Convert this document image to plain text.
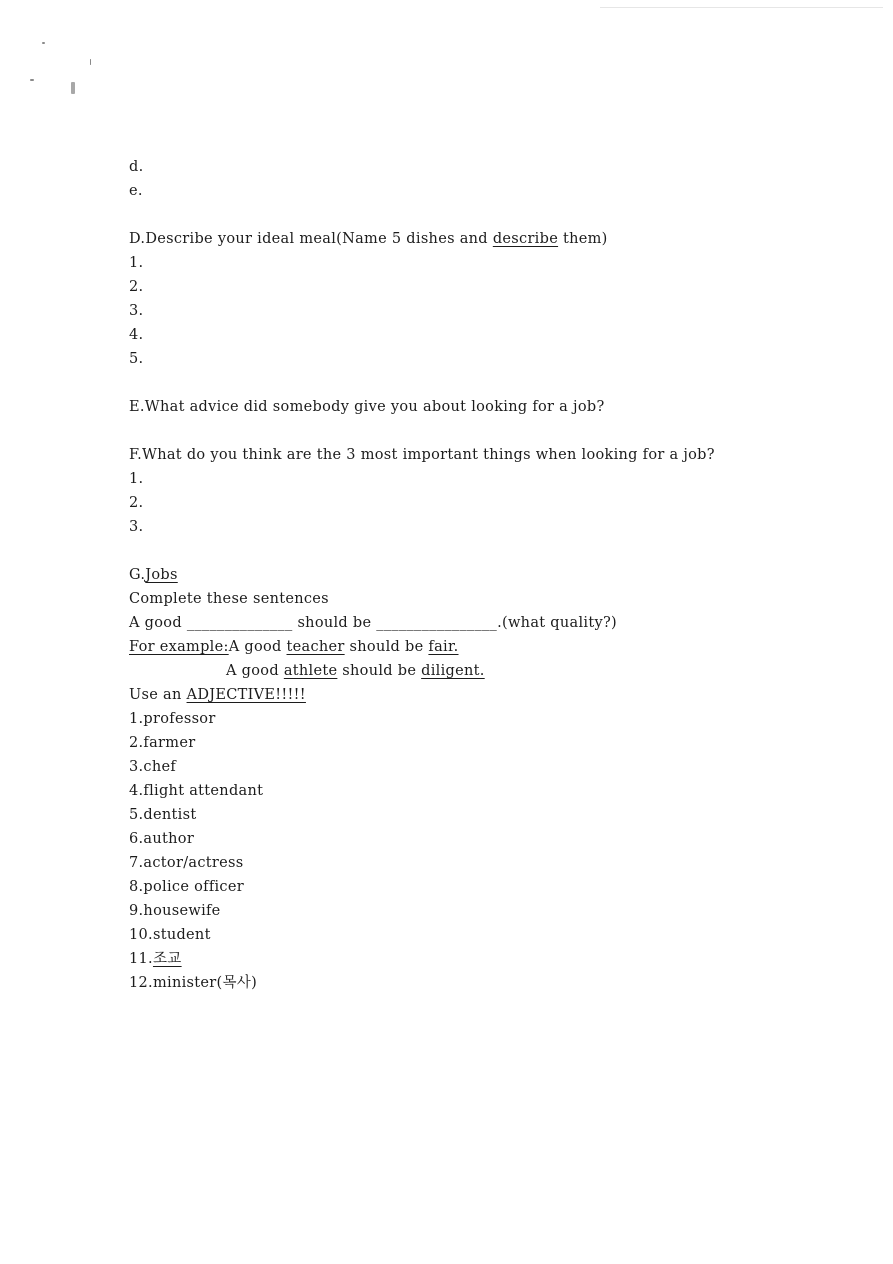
d.
e.
D.Describe your ideal meal(Name 5 dishes and describe them)
1.
2.
3.
4.
5.
E.What advice did somebody give you about looking for a job?
F.What do you think are the 3 most important things when looking for a job?
1.
2.
3.
G.Jobs
Complete these sentences
A good ______________ should be ________________.(what quality?)
For example:A good teacher should be fair.
A good athlete should be diligent.
Use an ADJECTIVE!!!!!
1.professor
2.farmer
3.chef
4.flight attendant
5.dentist
6.author
7.actor/actress
8.police officer
9.housewife
10.student
11.조교
12.minister(목사)
